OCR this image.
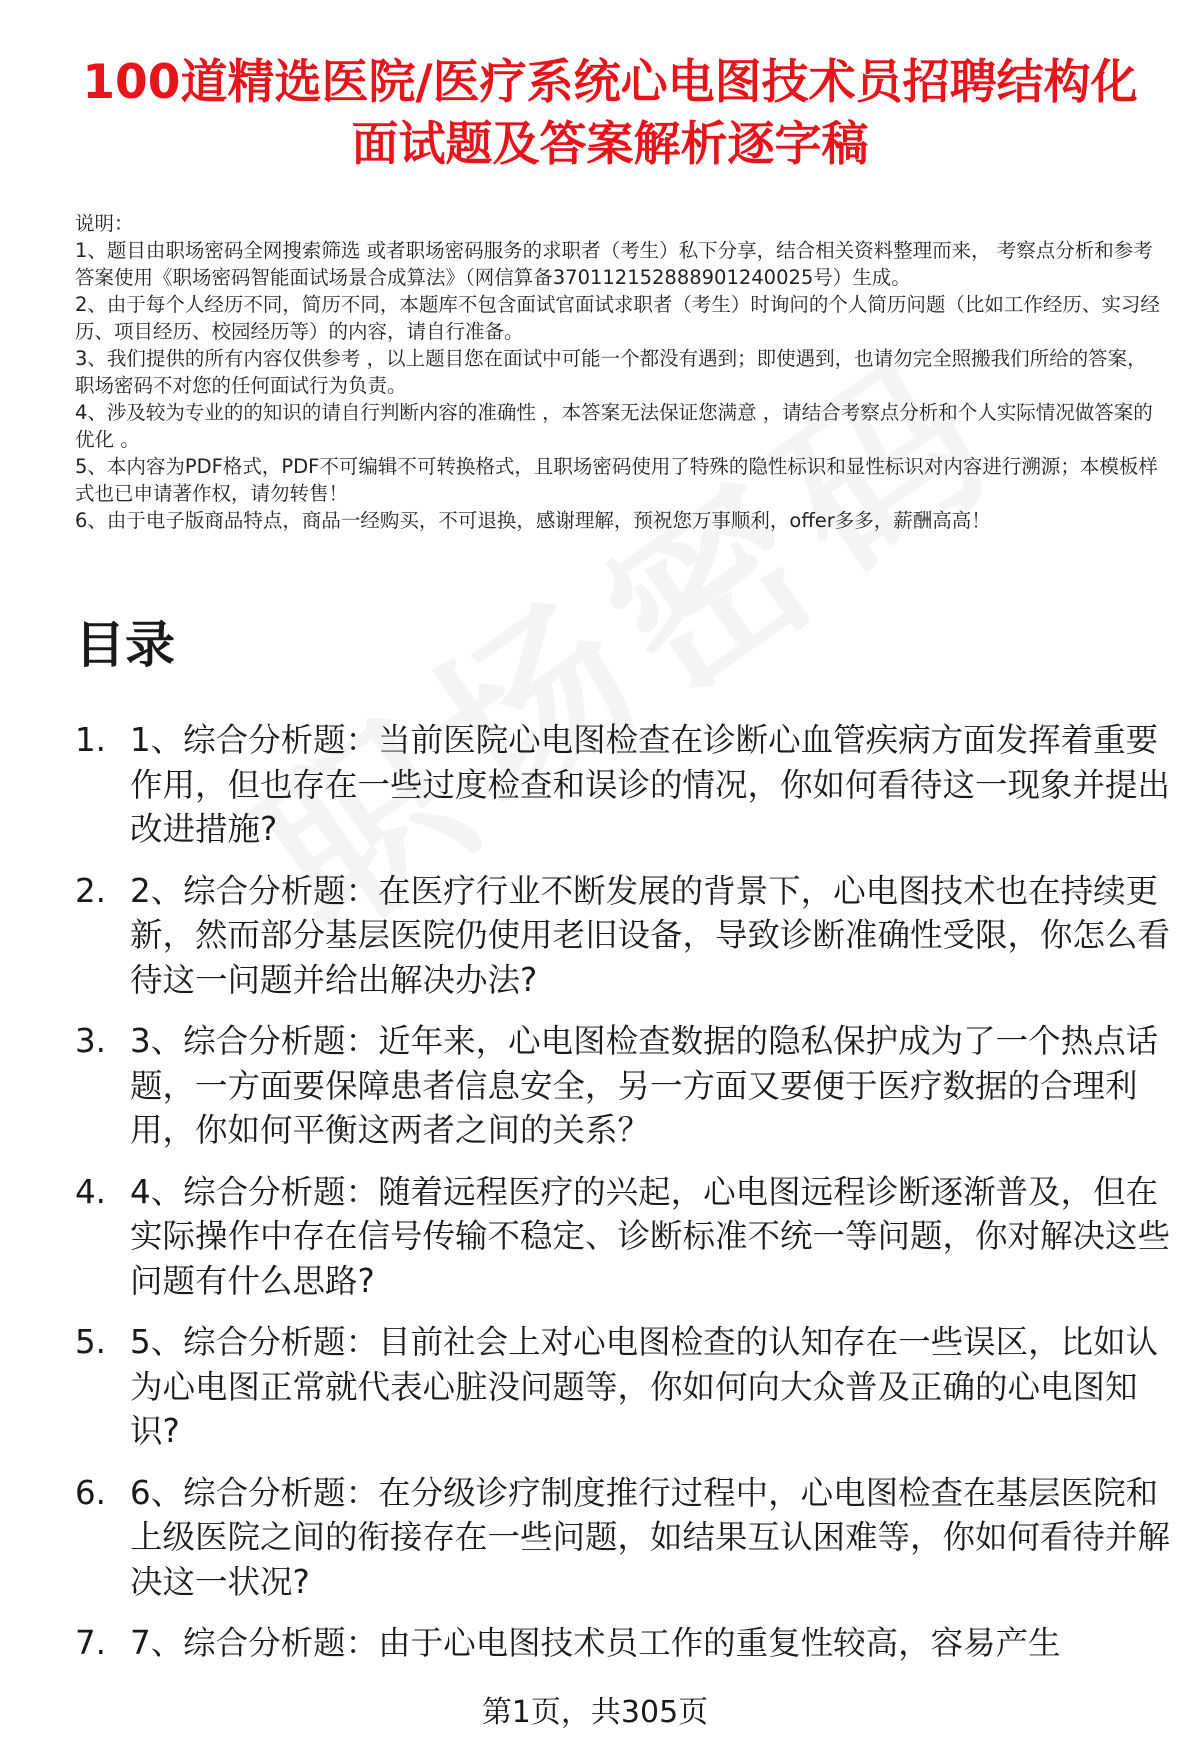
100道精选医院/医疗系统心电图技术员招聘结构化面试题及答案解析逐字稿

说明：

1、题目由职场密码全网搜索筛选 或者职场密码服务的求职者（考生）私下分享，结合相关资料整理而来， 考察点分析和参考答案使用《职场密码智能面试场景合成算法》（网信算备370112152888901240025号）生成。

2、由于每个人经历不同，简历不同，本题库不包含面试官面试求职者（考生）时询问的个人简历问题（比如工作经历、实习经历、项目经历、校园经历等）的内容，请自行准备。

3、我们提供的所有内容仅供参考 ，以上题目您在面试中可能一个都没有遇到；即使遇到，也请勿完全照搬我们所给的答案，职场密码不对您的任何面试行为负责。

4、涉及较为专业的的知识的请自行判断内容的准确性 ，本答案无法保证您满意 ，请结合考察点分析和个人实际情况做答案的优化 。

5、本内容为PDF格式，PDF不可编辑不可转换格式，且职场密码使用了特殊的隐性标识和显性标识对内容进行溯源；本模板样式也已申请著作权，请勿转售！

6、由于电子版商品特点，商品一经购买，不可退换，感谢理解，预祝您万事顺利，offer多多，薪酬高高！

目录
1. 1、综合分析题：当前医院心电图检查在诊断心血管疾病方面发挥着重要作用，但也存在一些过度检查和误诊的情况，你如何看待这一现象并提出改进措施?
2. 2、综合分析题：在医疗行业不断发展的背景下，心电图技术也在持续更新，然而部分基层医院仍使用老旧设备，导致诊断准确性受限，你怎么看待这一问题并给出解决办法?
3. 3、综合分析题：近年来，心电图检查数据的隐私保护成为了一个热点话题，一方面要保障患者信息安全，另一方面又要便于医疗数据的合理利用，你如何平衡这两者之间的关系？
4. 4、综合分析题：随着远程医疗的兴起，心电图远程诊断逐渐普及，但在实际操作中存在信号传输不稳定、诊断标准不统一等问题，你对解决这些问题有什么思路?
5. 5、综合分析题：目前社会上对心电图检查的认知存在一些误区，比如认为心电图正常就代表心脏没问题等，你如何向大众普及正确的心电图知识?
6. 6、综合分析题：在分级诊疗制度推行过程中，心电图检查在基层医院和上级医院之间的衔接存在一些问题，如结果互认困难等，你如何看待并解决这一状况?
7. 7、综合分析题：由于心电图技术员工作的重复性较高，容易产生
第1页，共305页
